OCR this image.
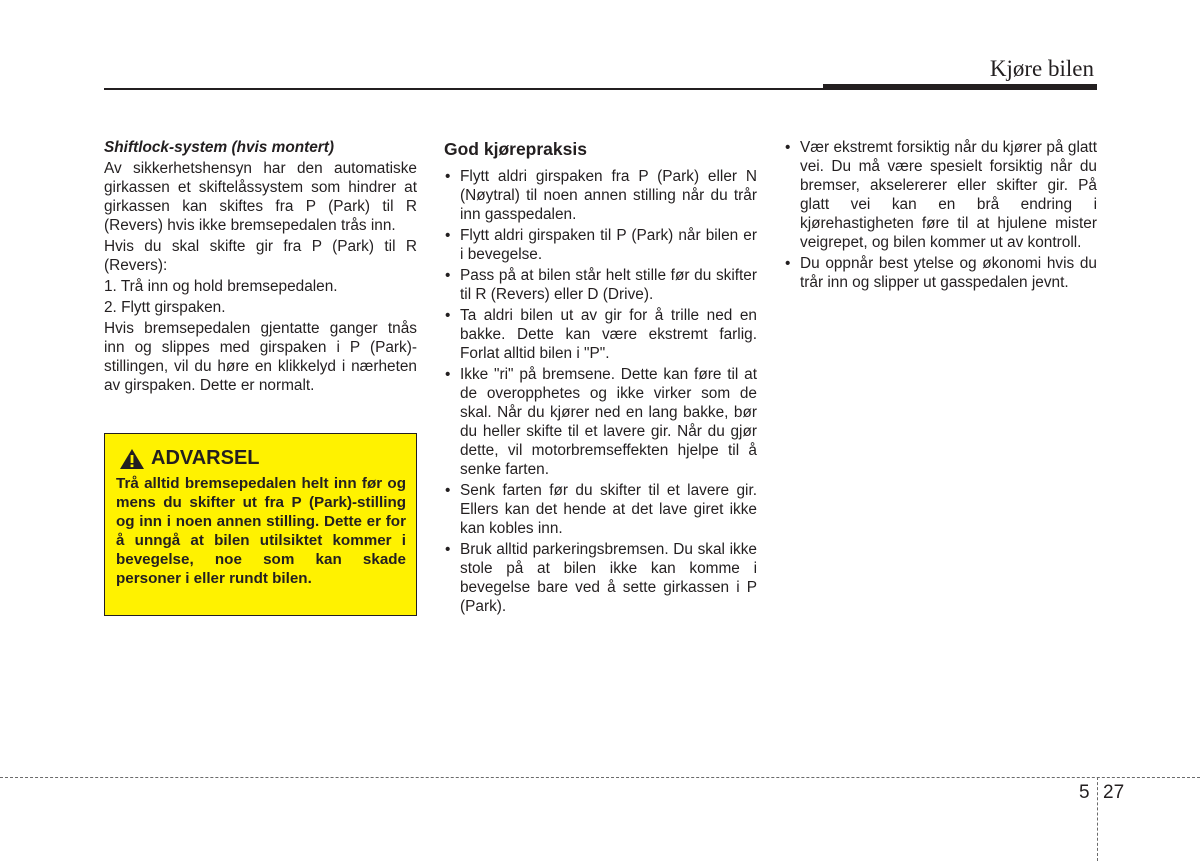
Kjøre bilen

Shiftlock-system (hvis montert)

Av sikkerhetshensyn har den automatiske girkassen et skiftelåssystem som hindrer at girkassen kan skiftes fra P (Park) til R (Revers) hvis ikke bremsepedalen trås inn.

Hvis du skal skifte gir fra P (Park) til R (Revers):

1. Trå inn og hold bremsepedalen.

2. Flytt girspaken.

Hvis bremsepedalen gjentatte ganger tnås inn og slippes med girspaken i P (Park)-stillingen, vil du høre en klikkelyd i nærheten av girspaken. Dette er normalt.

ADVARSEL
Trå alltid bremsepedalen helt inn før og mens du skifter ut fra P (Park)-stilling og inn i noen annen stilling. Dette er for å unngå at bilen utilsiktet kommer i bevegelse, noe som kan skade personer i eller rundt bilen.
God kjørepraksis
• Flytt aldri girspaken fra P (Park) eller N (Nøytral) til noen annen stilling når du trår inn gasspedalen.
• Flytt aldri girspaken til P (Park) når bilen er i bevegelse.
• Pass på at bilen står helt stille før du skifter til R (Revers) eller D (Drive).
• Ta aldri bilen ut av gir for å trille ned en bakke. Dette kan være ekstremt farlig. Forlat alltid bilen i "P".
• Ikke "ri" på bremsene. Dette kan føre til at de overopphetes og ikke virker som de skal. Når du kjører ned en lang bakke, bør du heller skifte til et lavere gir. Når du gjør dette, vil motorbremseffekten hjelpe til å senke farten.
• Senk farten før du skifter til et lavere gir. Ellers kan det hende at det lave giret ikke kan kobles inn.
• Bruk alltid parkeringsbremsen. Du skal ikke stole på at bilen ikke kan komme i bevegelse bare ved å sette girkassen i P (Park).
• Vær ekstremt forsiktig når du kjører på glatt vei. Du må være spesielt forsiktig når du bremser, akselererer eller skifter gir. På glatt vei kan en brå endring i kjørehastigheten føre til at hjulene mister veigrepet, og bilen kommer ut av kontroll.
• Du oppnår best ytelse og økonomi hvis du trår inn og slipper ut gasspedalen jevnt.
5 27
